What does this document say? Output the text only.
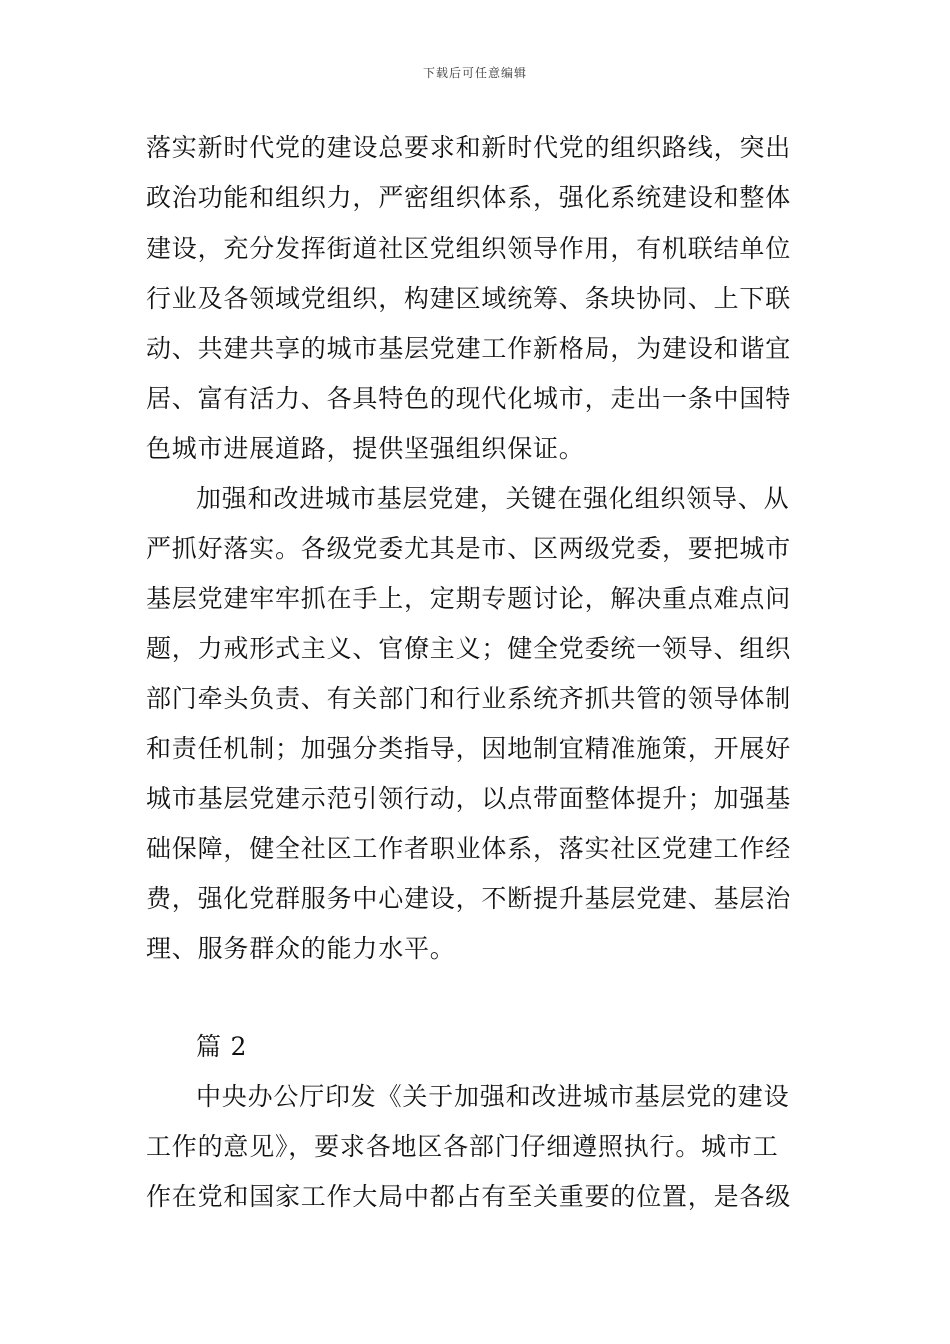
下载后可任意编辑
落实新时代党的建设总要求和新时代党的组织路线，突出
政治功能和组织力，严密组织体系，强化系统建设和整体
建设，充分发挥街道社区党组织领导作用，有机联结单位
行业及各领域党组织，构建区域统筹、条块协同、上下联
动、共建共享的城市基层党建工作新格局，为建设和谐宜
居、富有活力、各具特色的现代化城市，走出一条中国特
色城市进展道路，提供坚强组织保证。
加强和改进城市基层党建，关键在强化组织领导、从
严抓好落实。各级党委尤其是市、区两级党委，要把城市
基层党建牢牢抓在手上，定期专题讨论，解决重点难点问
题，力戒形式主义、官僚主义；健全党委统一领导、组织
部门牵头负责、有关部门和行业系统齐抓共管的领导体制
和责任机制；加强分类指导，因地制宜精准施策，开展好
城市基层党建示范引领行动，以点带面整体提升；加强基
础保障，健全社区工作者职业体系，落实社区党建工作经
费，强化党群服务中心建设，不断提升基层党建、基层治
理、服务群众的能力水平。
篇 2
中央办公厅印发《关于加强和改进城市基层党的建设
工作的意见》，要求各地区各部门仔细遵照执行。城市工
作在党和国家工作大局中都占有至关重要的位置，是各级
